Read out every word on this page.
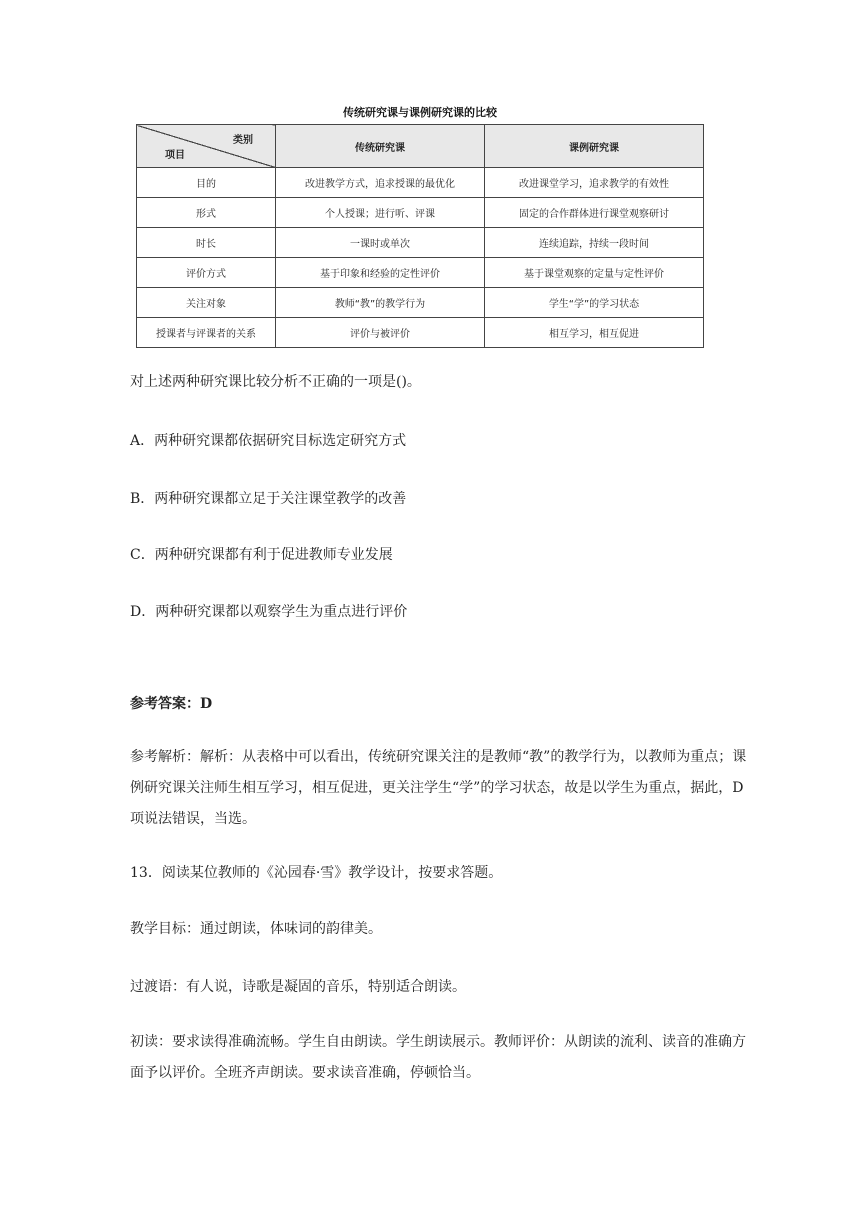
传统研究课与课例研究课的比较
类别
项目	传统研究课	课例研究课
目的	改进教学方式，追求授课的最优化	改进课堂学习，追求教学的有效性
形式	个人授课；进行听、评课	固定的合作群体进行课堂观察研讨
时长	一课时或单次	连续追踪，持续一段时间
评价方式	基于印象和经验的定性评价	基于课堂观察的定量与定性评价
关注对象	教师“教”的教学行为	学生“学”的学习状态
授课者与评课者的关系	评价与被评价	相互学习，相互促进

对上述两种研究课比较分析不正确的一项是()。

A．两种研究课都依据研究目标选定研究方式

B．两种研究课都立足于关注课堂教学的改善

C．两种研究课都有利于促进教师专业发展

D．两种研究课都以观察学生为重点进行评价

参考答案：D

参考解析：解析：从表格中可以看出，传统研究课关注的是教师“教”的教学行为，以教师为重点；课例研究课关注师生相互学习，相互促进，更关注学生“学”的学习状态，故是以学生为重点，据此，D项说法错误，当选。

13．阅读某位教师的《沁园春·雪》教学设计，按要求答题。

教学目标：通过朗读，体味词的韵律美。

过渡语：有人说，诗歌是凝固的音乐，特别适合朗读。

初读：要求读得准确流畅。学生自由朗读。学生朗读展示。教师评价：从朗读的流利、读音的准确方面予以评价。全班齐声朗读。要求读音准确，停顿恰当。
